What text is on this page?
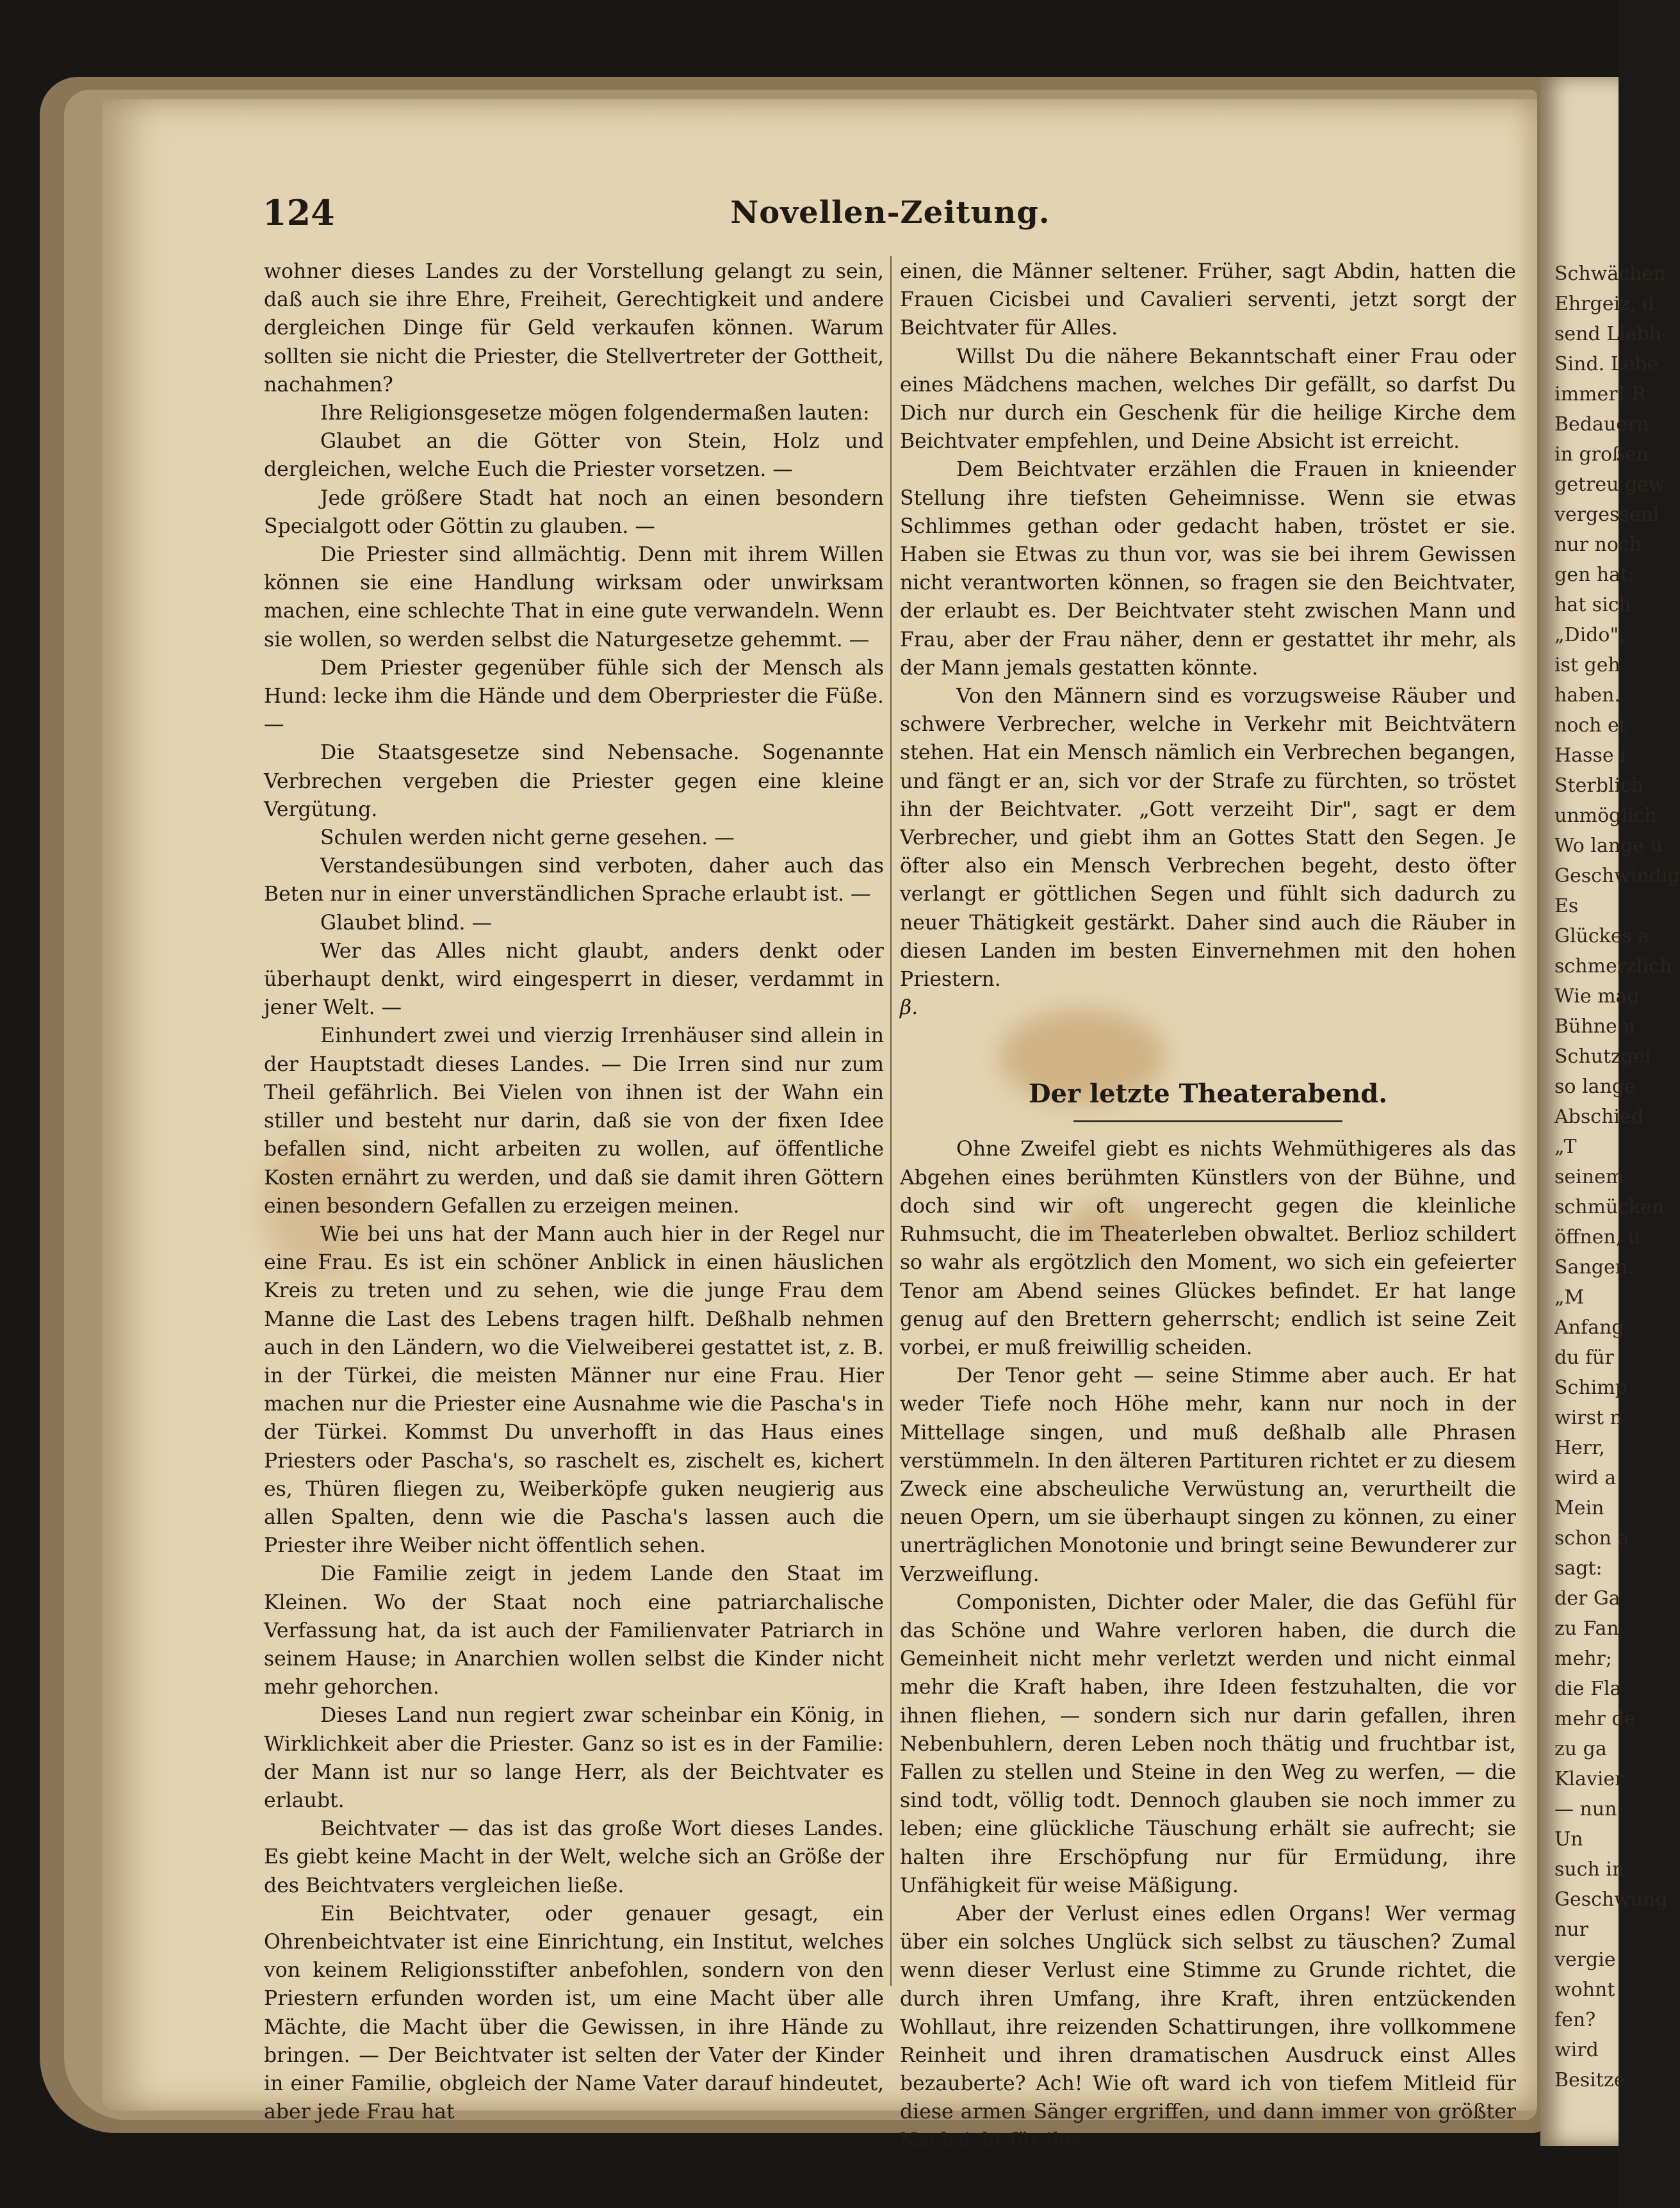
Schwächen
Ehrgeiz, d
send Liebh
Sind. Lebe
immer! R
Bedauern
in großen
getreu gew
vergessenl
nur noch
gen hat;
hat sich
„Dido",
ist geh
haben.
noch et
Hasse i
Sterblich
unmöglich
Wo lange u
Geschwindig
Es
Glückes a
schmerzlich
Wie mag
Bühne u
Schutzgei
so lange
Abschied
„T
seinem
schmücken
öffnen, u
Sangen.
„M
Anfang
du für
Schimp
wirst n
Herr,
wird a
Mein
schon a
sagt:
der Ga
zu Fan
mehr;
die Fla
mehr de
zu ga
Klavier
— nun
Un
such in
Geschwung
nur
vergie
wohnt
fen?
wird
Besitze
124	Novellen-Zeitung.

wohner dieses Landes zu der Vorstellung gelangt zu sein, daß auch sie ihre Ehre, Freiheit, Gerechtigkeit und andere dergleichen Dinge für Geld verkaufen können. Warum sollten sie nicht die Priester, die Stellvertreter der Gottheit, nachahmen?

Ihre Religionsgesetze mögen folgendermaßen lauten:

Glaubet an die Götter von Stein, Holz und dergleichen, welche Euch die Priester vorsetzen. —

Jede größere Stadt hat noch an einen besondern Specialgott oder Göttin zu glauben. —

Die Priester sind allmächtig. Denn mit ihrem Willen können sie eine Handlung wirksam oder unwirksam machen, eine schlechte That in eine gute verwandeln. Wenn sie wollen, so werden selbst die Naturgesetze gehemmt. —

Dem Priester gegenüber fühle sich der Mensch als Hund: lecke ihm die Hände und dem Oberpriester die Füße. —

Die Staatsgesetze sind Nebensache. Sogenannte Verbrechen vergeben die Priester gegen eine kleine Vergütung.

Schulen werden nicht gerne gesehen. —

Verstandesübungen sind verboten, daher auch das Beten nur in einer unverständlichen Sprache erlaubt ist. —

Glaubet blind. —

Wer das Alles nicht glaubt, anders denkt oder überhaupt denkt, wird eingesperrt in dieser, verdammt in jener Welt. —

Einhundert zwei und vierzig Irrenhäuser sind allein in der Hauptstadt dieses Landes. — Die Irren sind nur zum Theil gefährlich. Bei Vielen von ihnen ist der Wahn ein stiller und besteht nur darin, daß sie von der fixen Idee befallen sind, nicht arbeiten zu wollen, auf öffentliche Kosten ernährt zu werden, und daß sie damit ihren Göttern einen besondern Gefallen zu erzeigen meinen.

Wie bei uns hat der Mann auch hier in der Regel nur eine Frau. Es ist ein schöner Anblick in einen häuslichen Kreis zu treten und zu sehen, wie die junge Frau dem Manne die Last des Lebens tragen hilft. Deßhalb nehmen auch in den Ländern, wo die Vielweiberei gestattet ist, z. B. in der Türkei, die meisten Männer nur eine Frau. Hier machen nur die Priester eine Ausnahme wie die Pascha's in der Türkei. Kommst Du unverhofft in das Haus eines Priesters oder Pascha's, so raschelt es, zischelt es, kichert es, Thüren fliegen zu, Weiberköpfe guken neugierig aus allen Spalten, denn wie die Pascha's lassen auch die Priester ihre Weiber nicht öffentlich sehen.

Die Familie zeigt in jedem Lande den Staat im Kleinen. Wo der Staat noch eine patriarchalische Verfassung hat, da ist auch der Familienvater Patriarch in seinem Hause; in Anarchien wollen selbst die Kinder nicht mehr gehorchen.

Dieses Land nun regiert zwar scheinbar ein König, in Wirklichkeit aber die Priester. Ganz so ist es in der Familie: der Mann ist nur so lange Herr, als der Beichtvater es erlaubt.

Beichtvater — das ist das große Wort dieses Landes. Es giebt keine Macht in der Welt, welche sich an Größe der des Beichtvaters vergleichen ließe.

Ein Beichtvater, oder genauer gesagt, ein Ohrenbeichtvater ist eine Einrichtung, ein Institut, welches von keinem Religionsstifter anbefohlen, sondern von den Priestern erfunden worden ist, um eine Macht über alle Mächte, die Macht über die Gewissen, in ihre Hände zu bringen. — Der Beichtvater ist selten der Vater der Kinder in einer Familie, obgleich der Name Vater darauf hindeutet, aber jede Frau hat

einen, die Männer seltener. Früher, sagt Abdin, hatten die Frauen Cicisbei und Cavalieri serventi, jetzt sorgt der Beichtvater für Alles.

Willst Du die nähere Bekanntschaft einer Frau oder eines Mädchens machen, welches Dir gefällt, so darfst Du Dich nur durch ein Geschenk für die heilige Kirche dem Beichtvater empfehlen, und Deine Absicht ist erreicht.

Dem Beichtvater erzählen die Frauen in knieender Stellung ihre tiefsten Geheimnisse. Wenn sie etwas Schlimmes gethan oder gedacht haben, tröstet er sie. Haben sie Etwas zu thun vor, was sie bei ihrem Gewissen nicht verantworten können, so fragen sie den Beichtvater, der erlaubt es. Der Beichtvater steht zwischen Mann und Frau, aber der Frau näher, denn er gestattet ihr mehr, als der Mann jemals gestatten könnte.

Von den Männern sind es vorzugsweise Räuber und schwere Verbrecher, welche in Verkehr mit Beichtvätern stehen. Hat ein Mensch nämlich ein Verbrechen begangen, und fängt er an, sich vor der Strafe zu fürchten, so tröstet ihn der Beichtvater. „Gott verzeiht Dir", sagt er dem Verbrecher, und giebt ihm an Gottes Statt den Segen. Je öfter also ein Mensch Verbrechen begeht, desto öfter verlangt er göttlichen Segen und fühlt sich dadurch zu neuer Thätigkeit gestärkt. Daher sind auch die Räuber in diesen Landen im besten Einvernehmen mit den hohen Priestern.

β.

Der letzte Theaterabend.

Ohne Zweifel giebt es nichts Wehmüthigeres als das Abgehen eines berühmten Künstlers von der Bühne, und doch sind wir oft ungerecht gegen die kleinliche Ruhmsucht, die im Theaterleben obwaltet. Berlioz schildert so wahr als ergötzlich den Moment, wo sich ein gefeierter Tenor am Abend seines Glückes befindet. Er hat lange genug auf den Brettern geherrscht; endlich ist seine Zeit vorbei, er muß freiwillig scheiden.

Der Tenor geht — seine Stimme aber auch. Er hat weder Tiefe noch Höhe mehr, kann nur noch in der Mittellage singen, und muß deßhalb alle Phrasen verstümmeln. In den älteren Partituren richtet er zu diesem Zweck eine abscheuliche Verwüstung an, verurtheilt die neuen Opern, um sie überhaupt singen zu können, zu einer unerträglichen Monotonie und bringt seine Bewunderer zur Verzweiflung.

Componisten, Dichter oder Maler, die das Gefühl für das Schöne und Wahre verloren haben, die durch die Gemeinheit nicht mehr verletzt werden und nicht einmal mehr die Kraft haben, ihre Ideen festzuhalten, die vor ihnen fliehen, — sondern sich nur darin gefallen, ihren Nebenbuhlern, deren Leben noch thätig und fruchtbar ist, Fallen zu stellen und Steine in den Weg zu werfen, — die sind todt, völlig todt. Dennoch glauben sie noch immer zu leben; eine glückliche Täuschung erhält sie aufrecht; sie halten ihre Erschöpfung nur für Ermüdung, ihre Unfähigkeit für weise Mäßigung.

Aber der Verlust eines edlen Organs! Wer vermag über ein solches Unglück sich selbst zu täuschen? Zumal wenn dieser Verlust eine Stimme zu Grunde richtet, die durch ihren Umfang, ihre Kraft, ihren entzückenden Wohllaut, ihre reizenden Schattirungen, ihre vollkommene Reinheit und ihren dramatischen Ausdruck einst Alles bezauberte? Ach! Wie oft ward ich von tiefem Mitleid für diese armen Sänger ergriffen, und dann immer von größter Nachsicht für ihre
